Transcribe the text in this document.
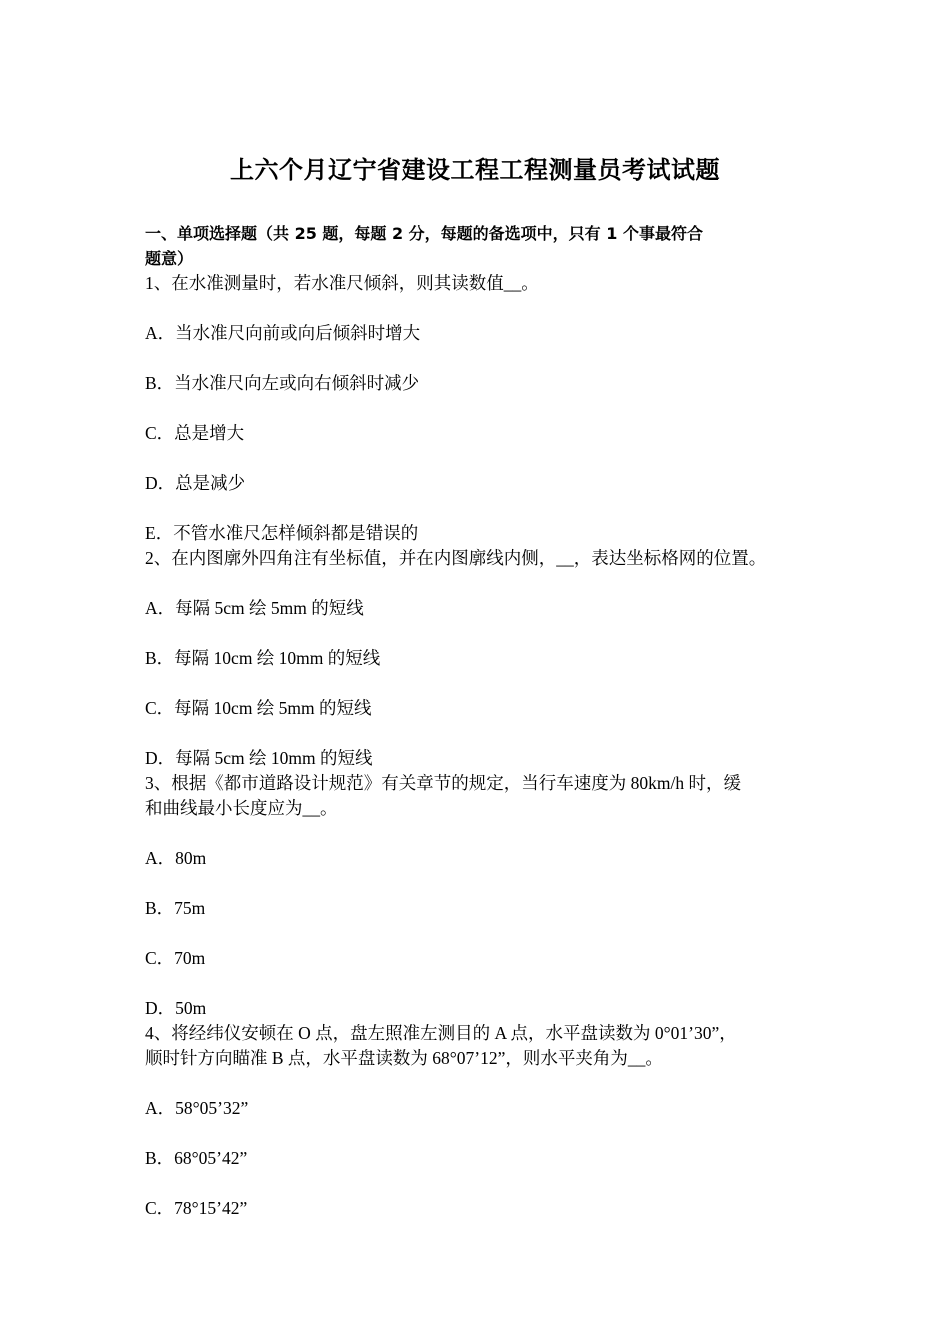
上六个月辽宁省建设工程工程测量员考试试题

一、单项选择题（共 25 题，每题 2 分，每题的备选项中，只有 1 个事最符合

题意）

1、在水准测量时，若水准尺倾斜，则其读数值__。

A．当水准尺向前或向后倾斜时增大

B．当水准尺向左或向右倾斜时减少

C．总是增大

D．总是减少

E．不管水准尺怎样倾斜都是错误的

2、在内图廓外四角注有坐标值，并在内图廓线内侧，__，表达坐标格网的位置。

A．每隔 5cm 绘 5mm 的短线

B．每隔 10cm 绘 10mm 的短线

C．每隔 10cm 绘 5mm 的短线

D．每隔 5cm 绘 10mm 的短线

3、根据《都市道路设计规范》有关章节的规定，当行车速度为 80km/h 时，缓

和曲线最小长度应为__。

A．80m

B．75m

C．70m

D．50m

4、将经纬仪安顿在 O 点，盘左照准左测目的 A 点，水平盘读数为 0°01’30”，

顺时针方向瞄准 B 点，水平盘读数为 68°07’12”，则水平夹角为__。

A．58°05’32”

B．68°05’42”

C．78°15’42”
